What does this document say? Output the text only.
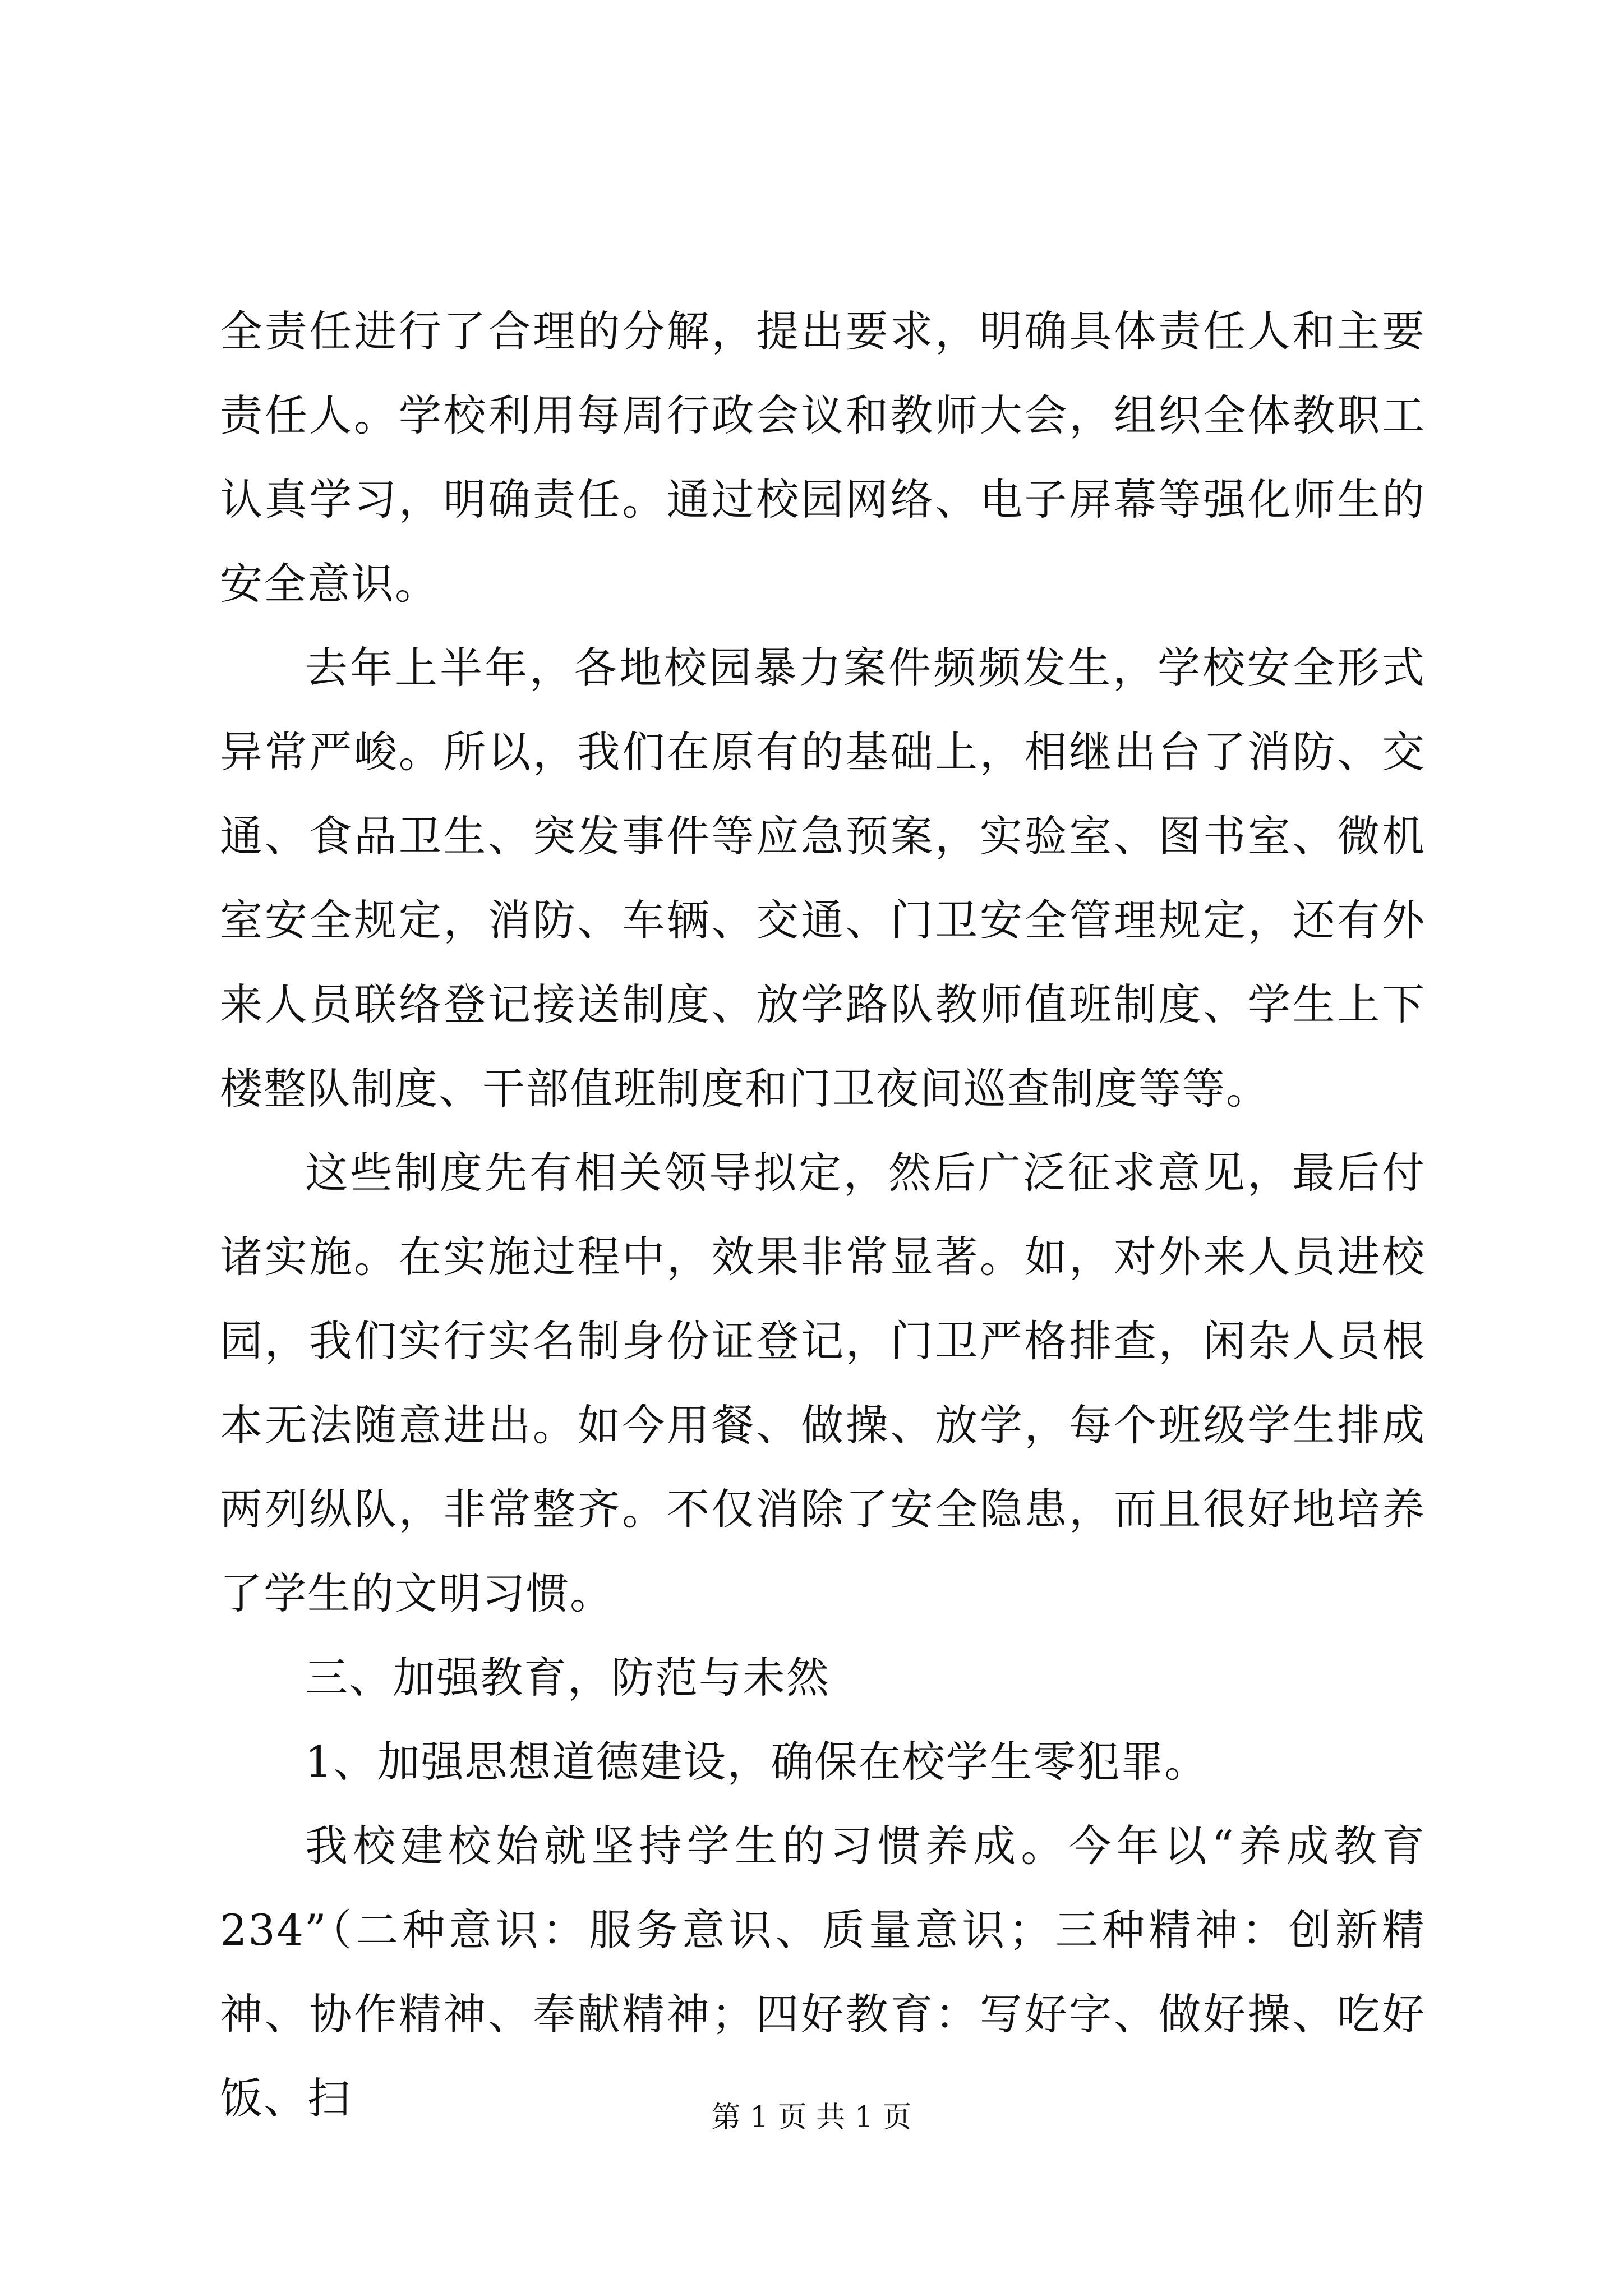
全责任进行了合理的分解，提出要求，明确具体责任人和主要责任人。学校利用每周行政会议和教师大会，组织全体教职工认真学习，明确责任。通过校园网络、电子屏幕等强化师生的安全意识。

去年上半年，各地校园暴力案件频频发生，学校安全形式异常严峻。所以，我们在原有的基础上，相继出台了消防、交通、食品卫生、突发事件等应急预案，实验室、图书室、微机室安全规定，消防、车辆、交通、门卫安全管理规定，还有外来人员联络登记接送制度、放学路队教师值班制度、学生上下楼整队制度、干部值班制度和门卫夜间巡查制度等等。

这些制度先有相关领导拟定，然后广泛征求意见，最后付诸实施。在实施过程中，效果非常显著。如，对外来人员进校园，我们实行实名制身份证登记，门卫严格排查，闲杂人员根本无法随意进出。如今用餐、做操、放学，每个班级学生排成两列纵队，非常整齐。不仅消除了安全隐患，而且很好地培养了学生的文明习惯。

三、加强教育，防范与未然

1、加强思想道德建设，确保在校学生零犯罪。

我校建校始就坚持学生的习惯养成。今年以“养成教育234”（二种意识：服务意识、质量意识；三种精神：创新精神、协作精神、奉献精神；四好教育：写好字、做好操、吃好饭、扫	第 1 页 共 1 页
